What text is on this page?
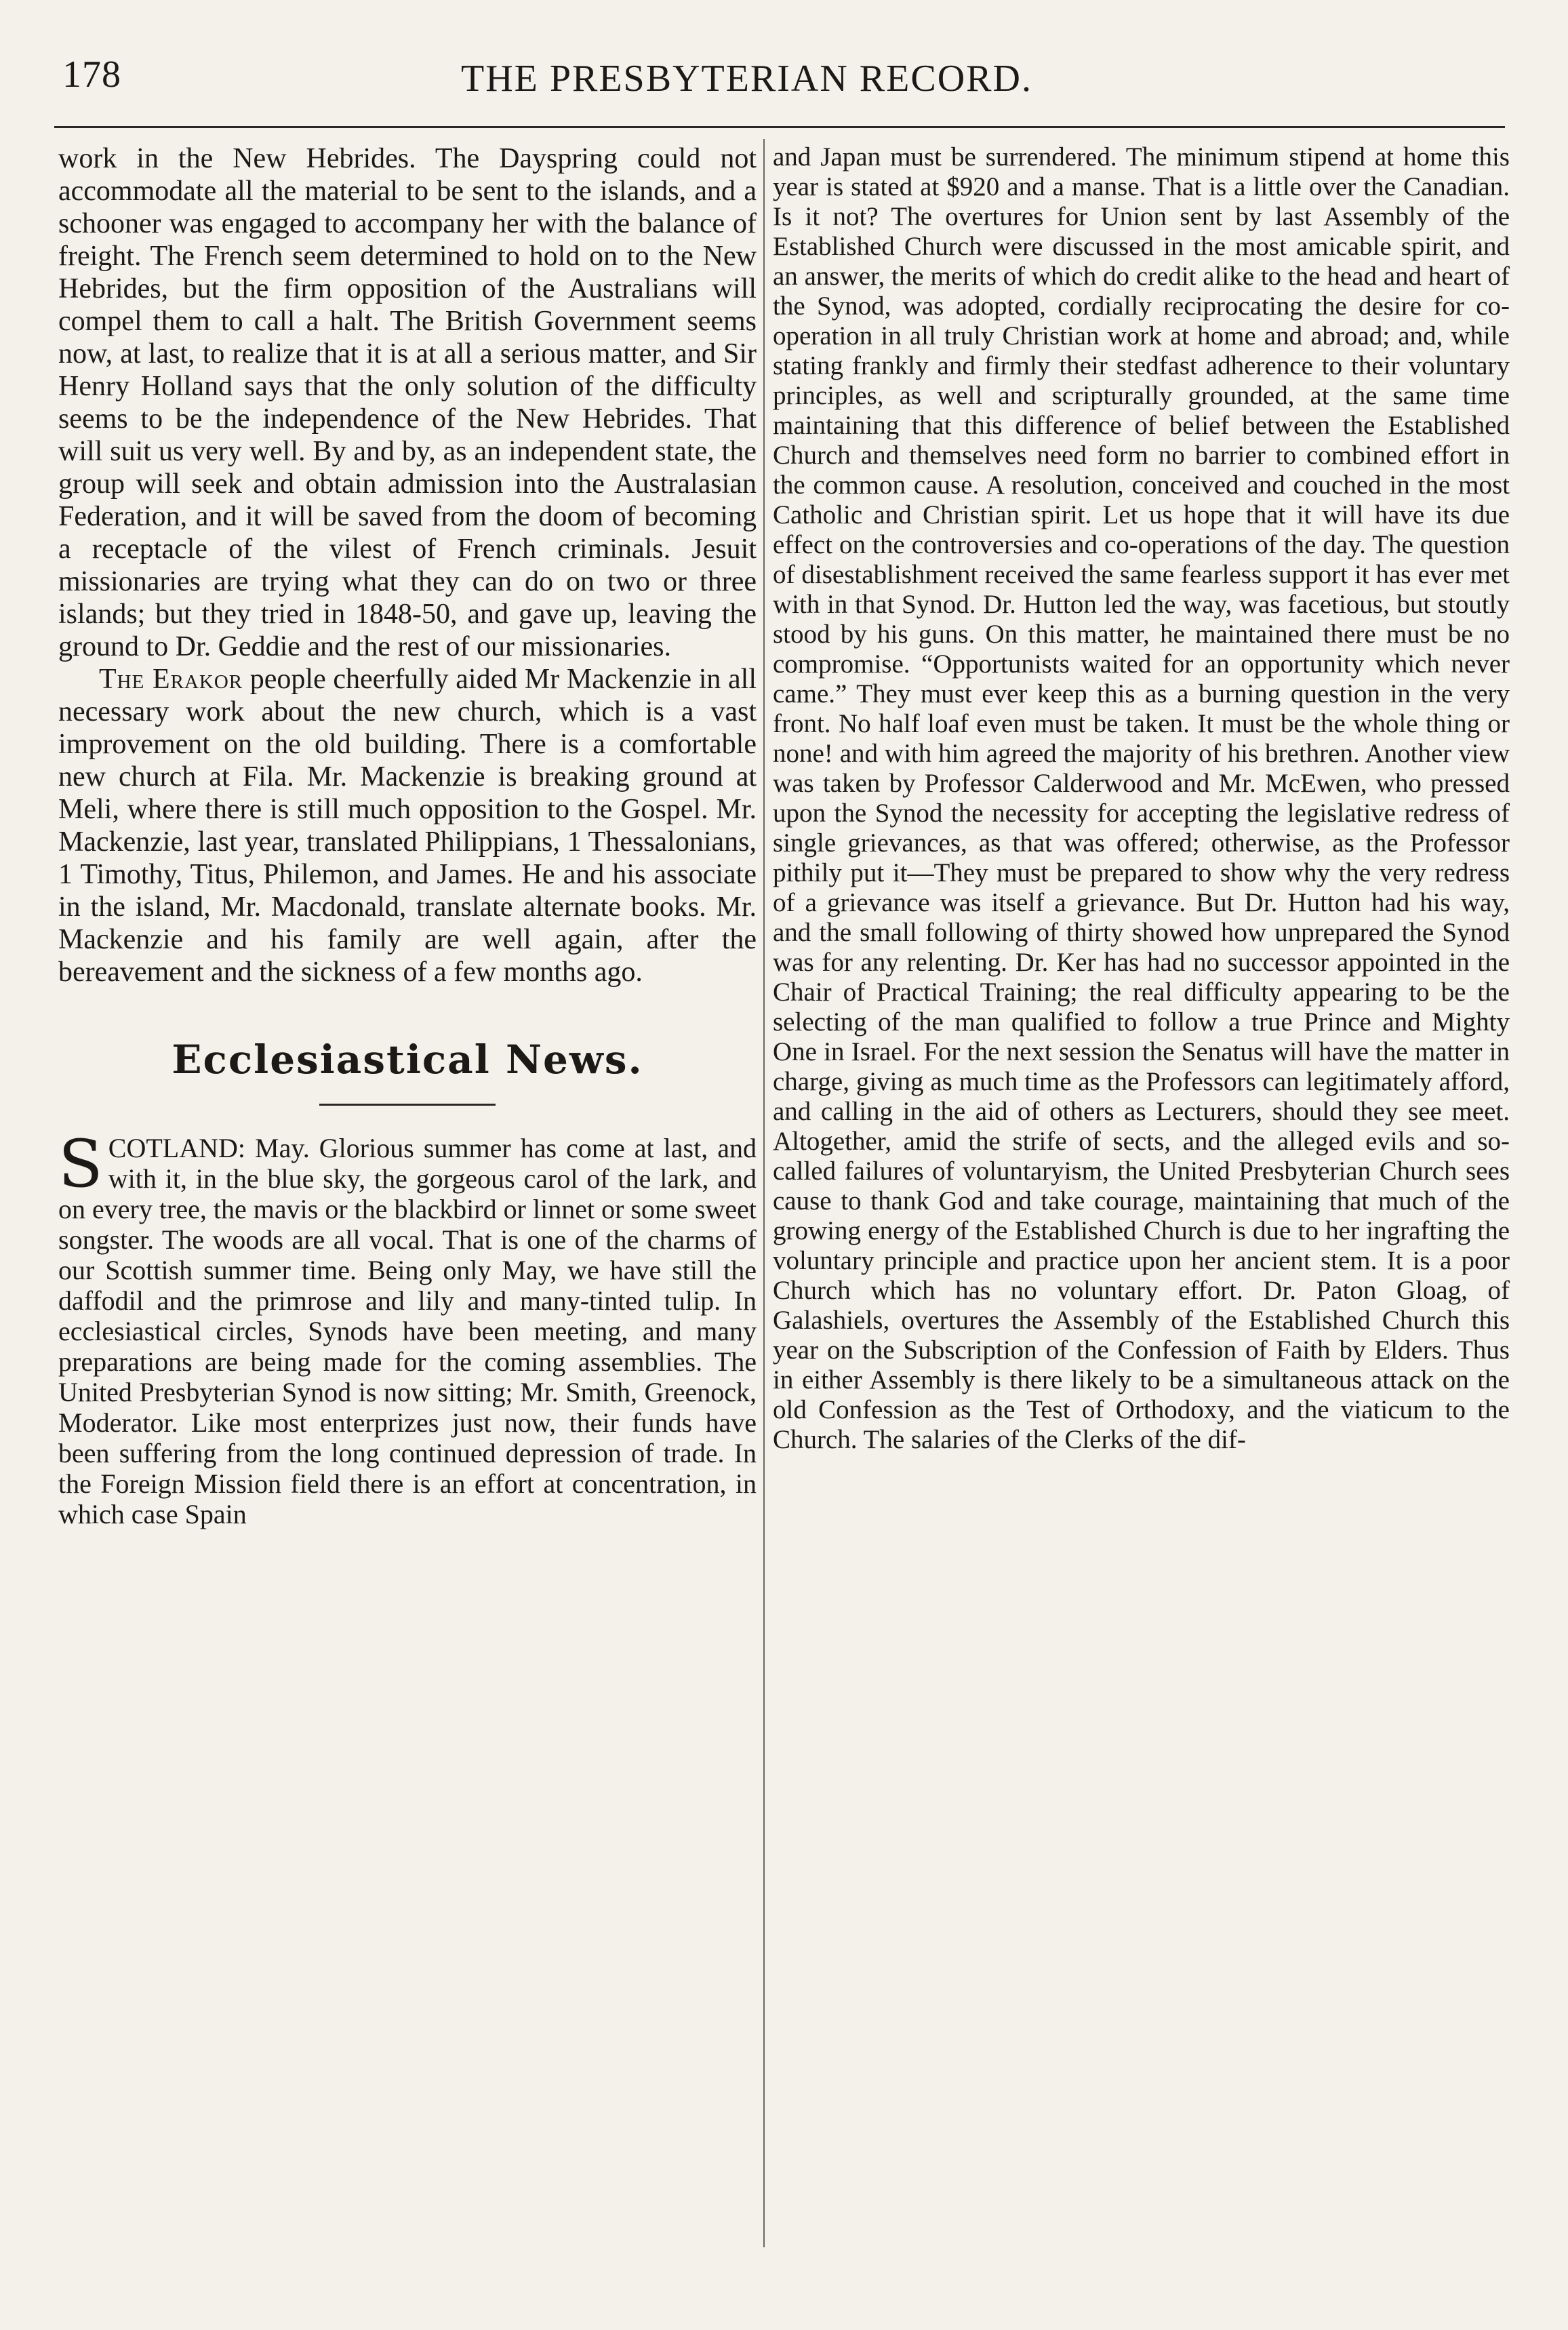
178	THE PRESBYTERIAN RECORD.

work in the New Hebrides. The Dayspring could not accommodate all the material to be sent to the islands, and a schooner was engaged to accompany her with the balance of freight. The French seem determined to hold on to the New Hebrides, but the firm opposition of the Australians will compel them to call a halt. The British Government seems now, at last, to realize that it is at all a serious matter, and Sir Henry Holland says that the only solution of the difficulty seems to be the independence of the New Hebrides. That will suit us very well. By and by, as an independent state, the group will seek and obtain admission into the Australasian Federation, and it will be saved from the doom of becoming a receptacle of the vilest of French criminals. Jesuit missionaries are trying what they can do on two or three islands; but they tried in 1848-50, and gave up, leaving the ground to Dr. Geddie and the rest of our missionaries.

The Erakor people cheerfully aided Mr Mackenzie in all necessary work about the new church, which is a vast improvement on the old building. There is a comfortable new church at Fila. Mr. Mackenzie is breaking ground at Meli, where there is still much opposition to the Gospel. Mr. Mackenzie, last year, translated Philippians, 1 Thessalonians, 1 Timothy, Titus, Philemon, and James. He and his associate in the island, Mr. Macdonald, translate alternate books. Mr. Mackenzie and his family are well again, after the bereavement and the sickness of a few months ago.

Ecclesiastical News.

SCOTLAND: May. Glorious summer has come at last, and with it, in the blue sky, the gorgeous carol of the lark, and on every tree, the mavis or the blackbird or linnet or some sweet songster. The woods are all vocal. That is one of the charms of our Scottish summer time. Being only May, we have still the daffodil and the primrose and lily and many-tinted tulip. In ecclesiastical circles, Synods have been meeting, and many preparations are being made for the coming assemblies. The United Presbyterian Synod is now sitting; Mr. Smith, Greenock, Moderator. Like most enterprizes just now, their funds have been suffering from the long continued depression of trade. In the Foreign Mission field there is an effort at concentration, in which case Spain

and Japan must be surrendered. The minimum stipend at home this year is stated at $920 and a manse. That is a little over the Canadian. Is it not? The overtures for Union sent by last Assembly of the Established Church were discussed in the most amicable spirit, and an answer, the merits of which do credit alike to the head and heart of the Synod, was adopted, cordially reciprocating the desire for co-operation in all truly Christian work at home and abroad; and, while stating frankly and firmly their stedfast adherence to their voluntary principles, as well and scripturally grounded, at the same time maintaining that this difference of belief between the Established Church and themselves need form no barrier to combined effort in the common cause. A resolution, conceived and couched in the most Catholic and Christian spirit. Let us hope that it will have its due effect on the controversies and co-operations of the day. The question of disestablishment received the same fearless support it has ever met with in that Synod. Dr. Hutton led the way, was facetious, but stoutly stood by his guns. On this matter, he maintained there must be no compromise. “Opportunists waited for an opportunity which never came.” They must ever keep this as a burning question in the very front. No half loaf even must be taken. It must be the whole thing or none! and with him agreed the majority of his brethren. Another view was taken by Professor Calderwood and Mr. McEwen, who pressed upon the Synod the necessity for accepting the legislative redress of single grievances, as that was offered; otherwise, as the Professor pithily put it—They must be prepared to show why the very redress of a grievance was itself a grievance. But Dr. Hutton had his way, and the small following of thirty showed how unprepared the Synod was for any relenting. Dr. Ker has had no successor appointed in the Chair of Practical Training; the real difficulty appearing to be the selecting of the man qualified to follow a true Prince and Mighty One in Israel. For the next session the Senatus will have the matter in charge, giving as much time as the Professors can legitimately afford, and calling in the aid of others as Lecturers, should they see meet. Altogether, amid the strife of sects, and the alleged evils and so-called failures of voluntaryism, the United Presbyterian Church sees cause to thank God and take courage, maintaining that much of the growing energy of the Established Church is due to her ingrafting the voluntary principle and practice upon her ancient stem. It is a poor Church which has no voluntary effort. Dr. Paton Gloag, of Galashiels, overtures the Assembly of the Established Church this year on the Subscription of the Confession of Faith by Elders. Thus in either Assembly is there likely to be a simultaneous attack on the old Confession as the Test of Orthodoxy, and the viaticum to the Church. The salaries of the Clerks of the dif-
